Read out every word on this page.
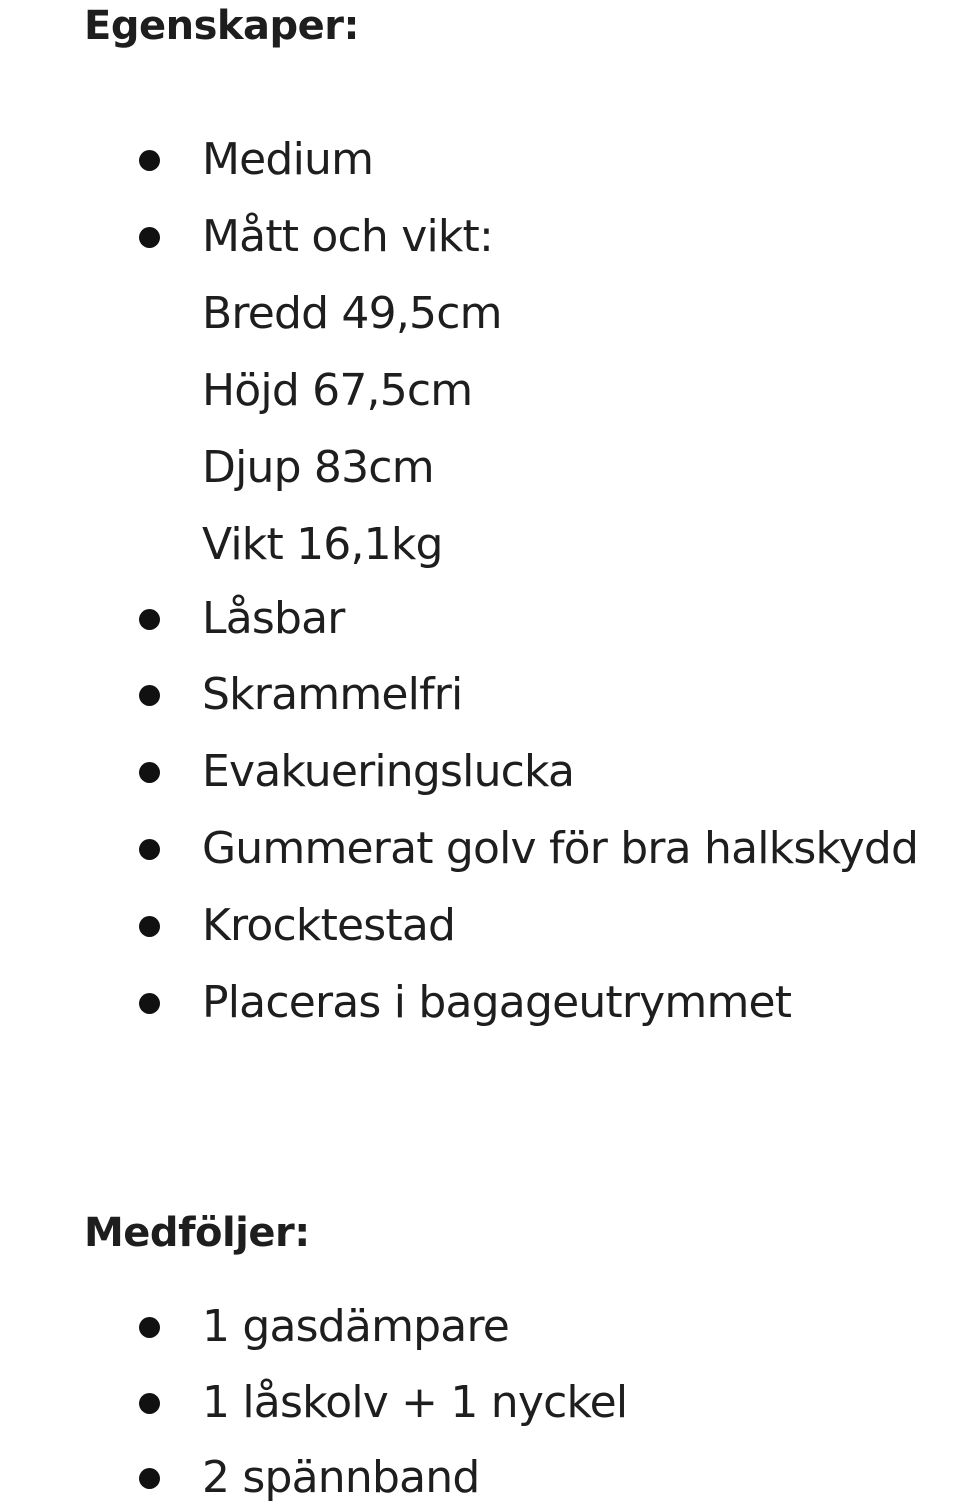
Egenskaper:
Medium
Mått och vikt:
Bredd 49,5cm
Höjd 67,5cm
Djup 83cm
Vikt 16,1kg
Låsbar
Skrammelfri
Evakueringslucka
Gummerat golv för bra halkskydd
Krocktestad
Placeras i bagageutrymmet
Medföljer:
1 gasdämpare
1 låskolv + 1 nyckel
2 spännband
